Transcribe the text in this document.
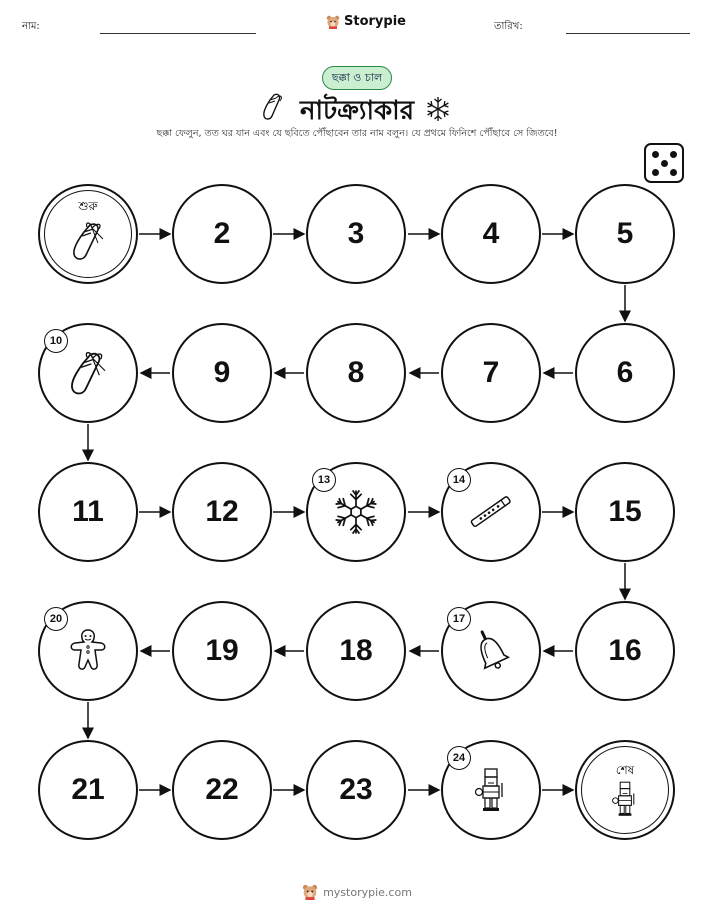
নাম:	Storypie	তারিখ:
ছক্কা ও চাল
নাটক্র্যাকার
ছক্কা ফেলুন, তত ঘর যান এবং যে ছবিতে পৌঁছাবেন তার নাম বলুন। যে প্রথমে ফিনিশে পৌঁছাবে সে জিতবে!
শুরু
2	3	4	5
6
7
8
9
10
11	12
13	14
15
16
17
18
19
20
21	22	23
24
শেষ
mystorypie.com
